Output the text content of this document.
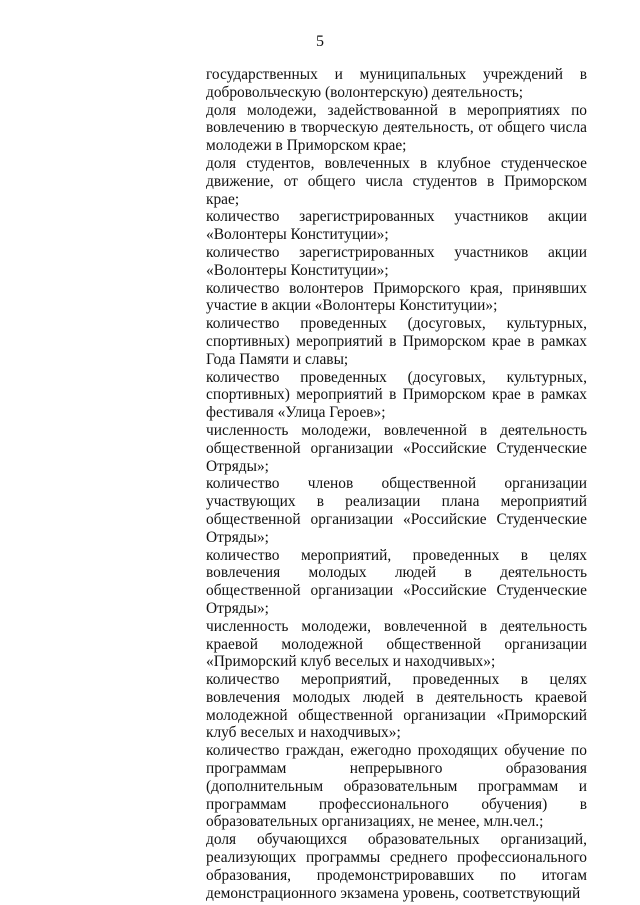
5

государственных и муниципальных учреждений в добровольческую (волонтерскую) деятельность;

доля молодежи, задействованной в мероприятиях по вовлечению в творческую деятельность, от общего числа молодежи в Приморском крае;

доля студентов, вовлеченных в клубное студенческое движение, от общего числа студентов в Приморском крае;

количество зарегистрированных участников акции «Волонтеры Конституции»;

количество зарегистрированных участников акции «Волонтеры Конституции»;

количество волонтеров Приморского края, принявших участие в акции «Волонтеры Конституции»;

количество проведенных (досуговых, культурных, спортивных) мероприятий в Приморском крае в рамках Года Памяти и славы;

количество проведенных (досуговых, культурных, спортивных) мероприятий в Приморском крае в рамках фестиваля «Улица Героев»;

численность молодежи, вовлеченной в деятельность общественной организации «Российские Студенческие Отряды»;

количество членов общественной организации участвующих в реализации плана мероприятий общественной организации «Российские Студенческие Отряды»;

количество мероприятий, проведенных в целях вовлечения молодых людей в деятельность общественной организации «Российские Студенческие Отряды»;

численность молодежи, вовлеченной в деятельность краевой молодежной общественной организации «Приморский клуб веселых и находчивых»;

количество мероприятий, проведенных в целях вовлечения молодых людей в деятельность краевой молодежной общественной организации «Приморский клуб веселых и находчивых»;

количество граждан, ежегодно проходящих обучение по программам непрерывного образования (дополнительным образовательным программам и программам профессионального обучения) в образовательных организациях, не менее, млн.чел.;

доля обучающихся образовательных организаций, реализующих программы среднего профессионального образования, продемонстрировавших по итогам демонстрационного экзамена уровень, соответствующий
